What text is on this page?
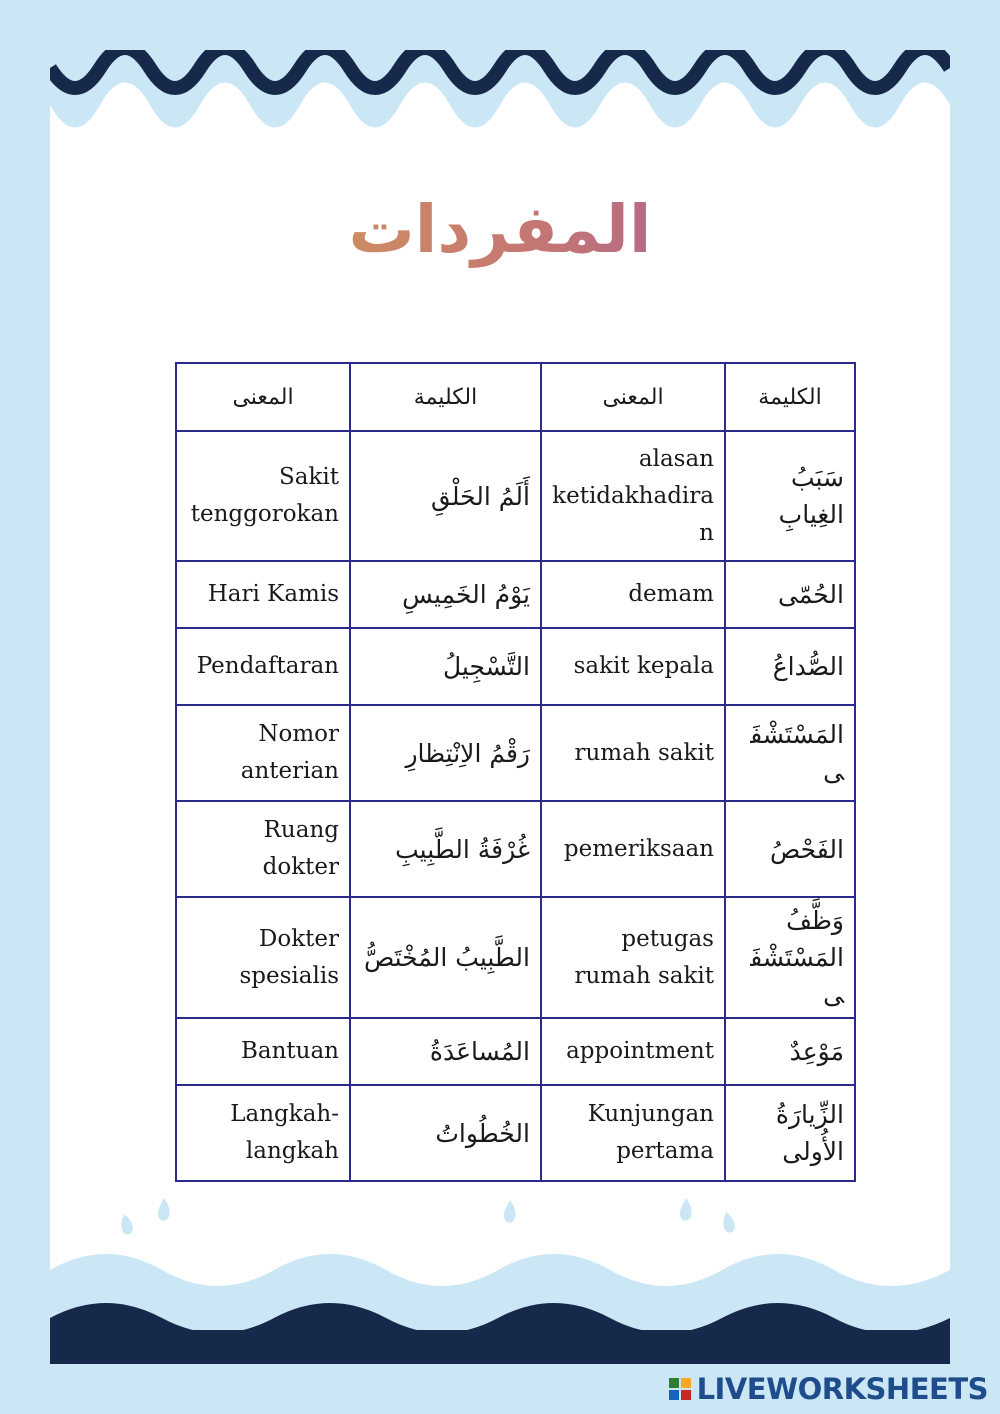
المفردات
المعنى	الكليمة	المعنى	الكليمة
Sakit tenggorokan	أَلَمُ الحَلْقِ	alasan ketidakhadiran	سَبَبُ الغِيابِ
Hari Kamis	يَوْمُ الخَمِيسِ	demam	الحُمّى
Pendaftaran	التَّسْجِيلُ	sakit kepala	الصُّداعُ
Nomor anterian	رَقْمُ الاِنْتِظارِ	rumah sakit	المَسْتَشْفَى
Ruang dokter	غُرْفَةُ الطَّبِيبِ	pemeriksaan	الفَحْصُ
Dokter spesialis	الطَّبِيبُ المُخْتَصُّ	petugas rumah sakit	وَظَّفُ المَسْتَشْفَى
Bantuan	المُساعَدَةُ	appointment	مَوْعِدٌ
Langkah-langkah	الخُطُواتُ	Kunjungan pertama	الزِّيارَةُ الأُولى
LIVEWORKSHEETS
